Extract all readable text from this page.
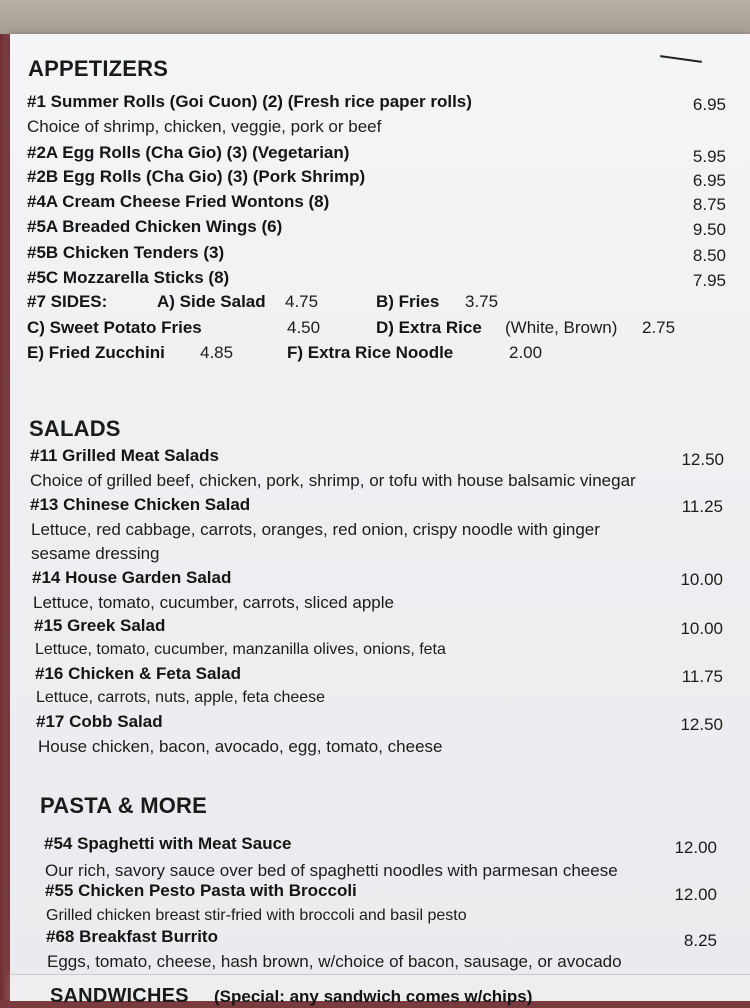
APPETIZERS
#1 Summer Rolls (Goi Cuon) (2) (Fresh rice paper rolls)	6.95
Choice of shrimp, chicken, veggie, pork or beef
#2A Egg Rolls (Cha Gio) (3) (Vegetarian)	5.95
#2B Egg Rolls (Cha Gio) (3) (Pork Shrimp)	6.95
#4A Cream Cheese Fried Wontons (8)	8.75
#5A Breaded Chicken Wings (6)	9.50
#5B Chicken Tenders (3)	8.50
#5C Mozzarella Sticks (8)	7.95
#7 SIDES:	A) Side Salad 4.75	B) Fries 3.75
C) Sweet Potato Fries	4.50	D) Extra Rice (White, Brown) 2.75
E) Fried Zucchini 4.85	F) Extra Rice Noodle	2.00
SALADS
#11 Grilled Meat Salads	12.50
Choice of grilled beef, chicken, pork, shrimp, or tofu with house balsamic vinegar
#13 Chinese Chicken Salad	11.25
Lettuce, red cabbage, carrots, oranges, red onion, crispy noodle with ginger
sesame dressing
#14 House Garden Salad	10.00
Lettuce, tomato, cucumber, carrots, sliced apple
#15 Greek Salad	10.00
Lettuce, tomato, cucumber, manzanilla olives, onions, feta
#16 Chicken & Feta Salad	11.75
Lettuce, carrots, nuts, apple, feta cheese
#17 Cobb Salad	12.50
House chicken, bacon, avocado, egg, tomato, cheese
PASTA & MORE
#54 Spaghetti with Meat Sauce	12.00
Our rich, savory sauce over bed of spaghetti noodles with parmesan cheese
#55 Chicken Pesto Pasta with Broccoli	12.00
Grilled chicken breast stir-fried with broccoli and basil pesto
#68 Breakfast Burrito	8.25
Eggs, tomato, cheese, hash brown, w/choice of bacon, sausage, or avocado
SANDWICHES (Special: any sandwich comes w/chips)
